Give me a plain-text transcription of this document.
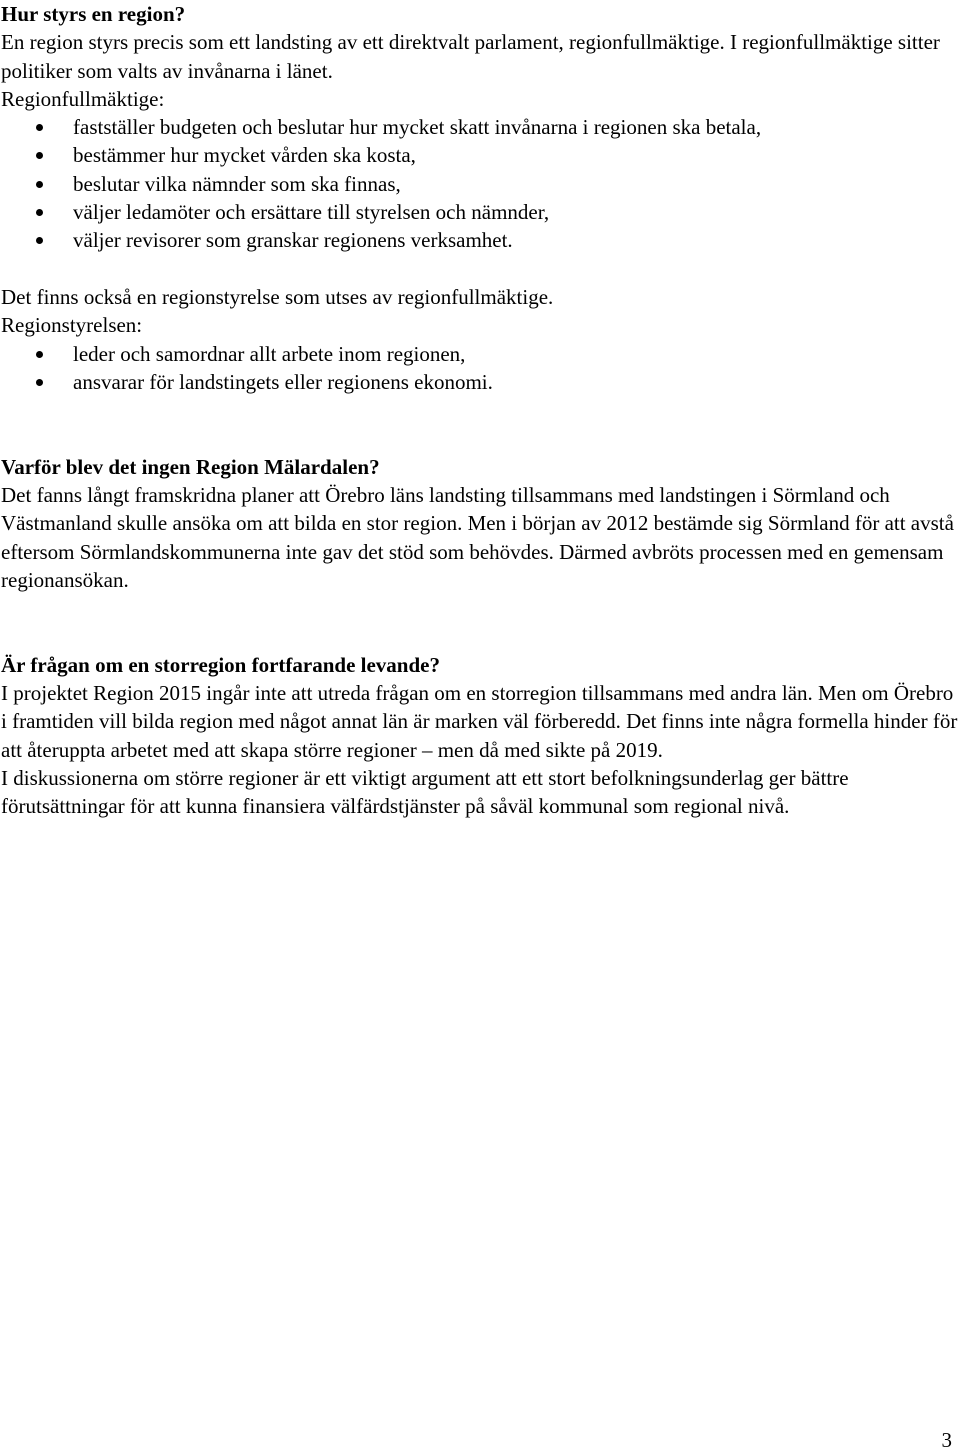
Hur styrs en region?

En region styrs precis som ett landsting av ett direktvalt parlament, regionfullmäktige. I regionfullmäktige sitter politiker som valts av invånarna i länet.

Regionfullmäktige:

fastställer budgeten och beslutar hur mycket skatt invånarna i regionen ska betala,
bestämmer hur mycket vården ska kosta,
beslutar vilka nämnder som ska finnas,
väljer ledamöter och ersättare till styrelsen och nämnder,
väljer revisorer som granskar regionens verksamhet.

Det finns också en regionstyrelse som utses av regionfullmäktige.

Regionstyrelsen:

leder och samordnar allt arbete inom regionen,
ansvarar för landstingets eller regionens ekonomi.
Varför blev det ingen Region Mälardalen?

Det fanns långt framskridna planer att Örebro läns landsting tillsammans med landstingen i Sörmland och Västmanland skulle ansöka om att bilda en stor region. Men i början av 2012 bestämde sig Sörmland för att avstå eftersom Sörmlandskommunerna inte gav det stöd som behövdes. Därmed avbröts processen med en gemensam regionansökan.

Är frågan om en storregion fortfarande levande?

I projektet Region 2015 ingår inte att utreda frågan om en storregion tillsammans med andra län. Men om Örebro i framtiden vill bilda region med något annat län är marken väl förberedd. Det finns inte några formella hinder för att återuppta arbetet med att skapa större regioner – men då med sikte på 2019.

I diskussionerna om större regioner är ett viktigt argument att ett stort befolkningsunderlag ger bättre förutsättningar för att kunna finansiera välfärdstjänster på såväl kommunal som regional nivå.

3
